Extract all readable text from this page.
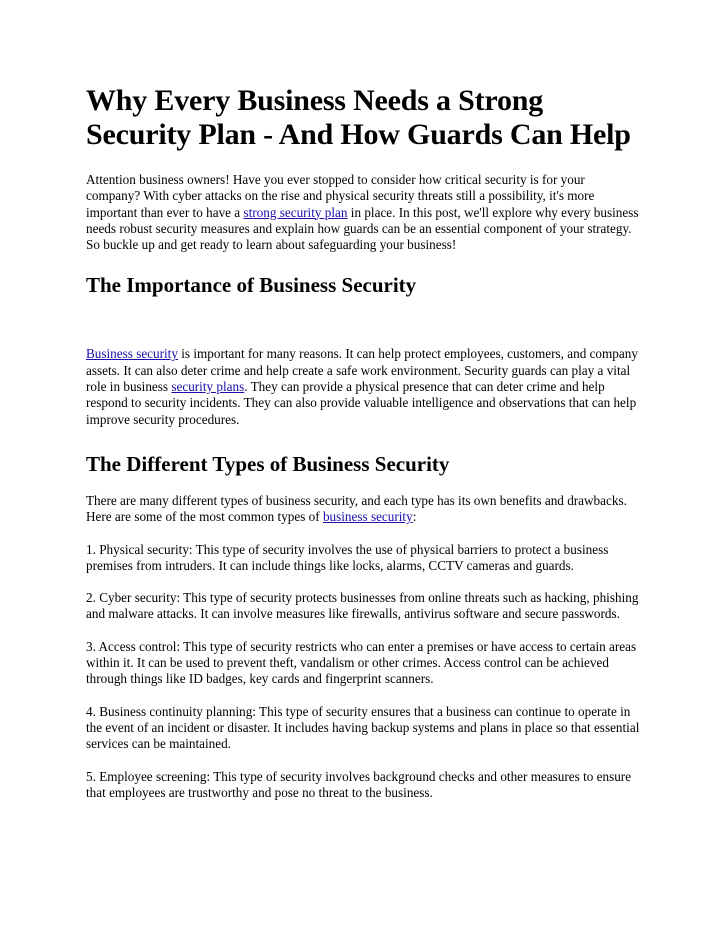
Why Every Business Needs a Strong Security Plan - And How Guards Can Help

Attention business owners! Have you ever stopped to consider how critical security is for your company? With cyber attacks on the rise and physical security threats still a possibility, it's more important than ever to have a strong security plan in place. In this post, we'll explore why every business needs robust security measures and explain how guards can be an essential component of your strategy. So buckle up and get ready to learn about safeguarding your business!

The Importance of Business Security

Business security is important for many reasons. It can help protect employees, customers, and company assets. It can also deter crime and help create a safe work environment. Security guards can play a vital role in business security plans. They can provide a physical presence that can deter crime and help respond to security incidents. They can also provide valuable intelligence and observations that can help improve security procedures.

The Different Types of Business Security

There are many different types of business security, and each type has its own benefits and drawbacks. Here are some of the most common types of business security:

1. Physical security: This type of security involves the use of physical barriers to protect a business premises from intruders. It can include things like locks, alarms, CCTV cameras and guards.

2. Cyber security: This type of security protects businesses from online threats such as hacking, phishing and malware attacks. It can involve measures like firewalls, antivirus software and secure passwords.

3. Access control: This type of security restricts who can enter a premises or have access to certain areas within it. It can be used to prevent theft, vandalism or other crimes. Access control can be achieved through things like ID badges, key cards and fingerprint scanners.

4. Business continuity planning: This type of security ensures that a business can continue to operate in the event of an incident or disaster. It includes having backup systems and plans in place so that essential services can be maintained.

5. Employee screening: This type of security involves background checks and other measures to ensure that employees are trustworthy and pose no threat to the business.
